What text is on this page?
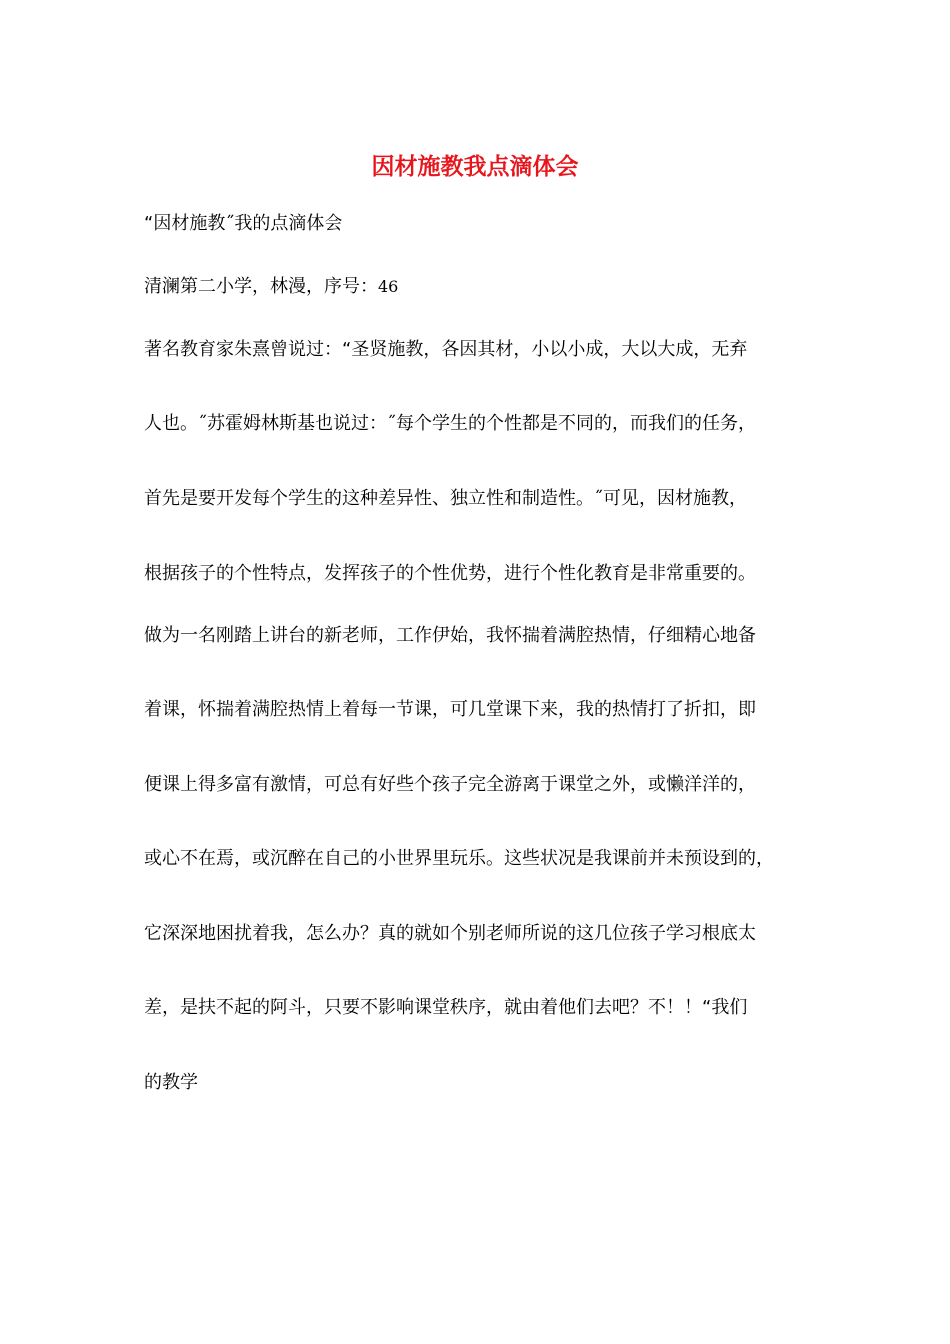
因材施教我点滴体会

“因材施教˝我的点滴体会

清澜第二小学，林漫，序号：46

著名教育家朱熹曾说过：“圣贤施教，各因其材，小以小成，大以大成，无弃

人也。˝苏霍姆林斯基也说过：˝每个学生的个性都是不同的，而我们的任务，

首先是要开发每个学生的这种差异性、独立性和制造性。˝可见，因材施教，

根据孩子的个性特点，发挥孩子的个性优势，进行个性化教育是非常重要的。

做为一名刚踏上讲台的新老师，工作伊始，我怀揣着满腔热情，仔细精心地备

着课，怀揣着满腔热情上着每一节课，可几堂课下来，我的热情打了折扣，即

便课上得多富有激情，可总有好些个孩子完全游离于课堂之外，或懒洋洋的，

或心不在焉，或沉醉在自己的小世界里玩乐。这些状况是我课前并未预设到的，

它深深地困扰着我，怎么办？真的就如个别老师所说的这几位孩子学习根底太

差，是扶不起的阿斗，只要不影响课堂秩序，就由着他们去吧？不！！“我们

的教学
